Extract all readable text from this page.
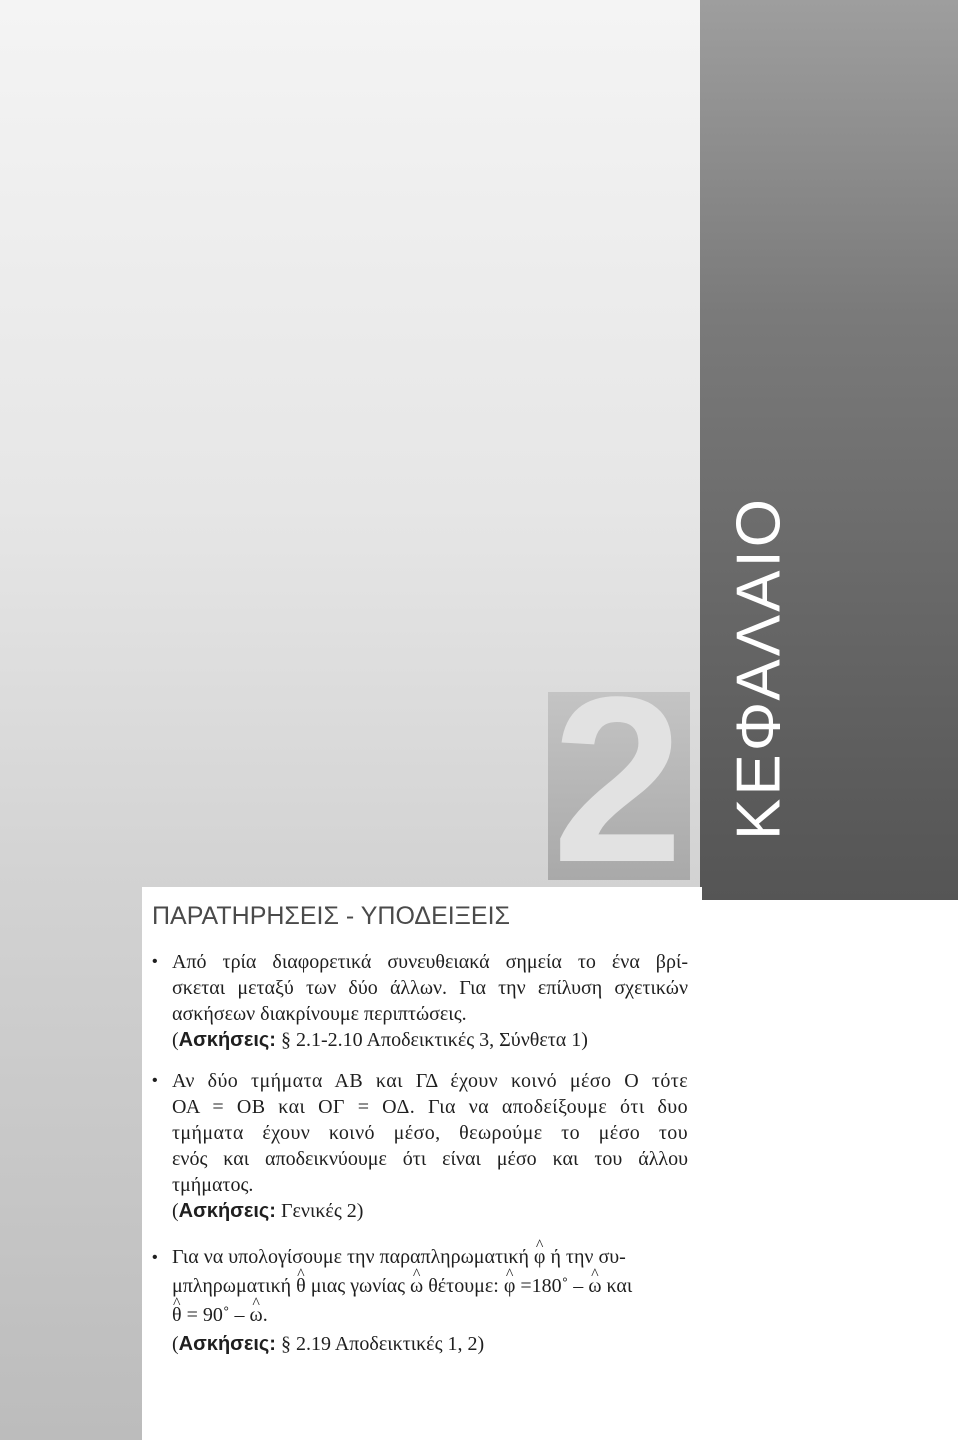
2 ΚΕΦΑΛΑΙΟ
ΠΑΡΑΤΗΡΗΣΕΙΣ - ΥΠΟΔΕΙΞΕΙΣ
• Από τρία διαφορετικά συνευθειακά σημεία το ένα βρί-
σκεται μεταξύ των δύο άλλων. Για την επίλυση σχετικών
ασκήσεων διακρίνουμε περιπτώσεις.
(Ασκήσεις: § 2.1-2.10 Αποδεικτικές 3, Σύνθετα 1)
• Αν δύο τμήματα ΑΒ και ΓΔ έχουν κοινό μέσο Ο τότε
ΟΑ = ΟΒ και ΟΓ = ΟΔ. Για να αποδείξουμε ότι δυο
τμήματα έχουν κοινό μέσο, θεωρούμε το μέσο του
ενός και αποδεικνύουμε ότι είναι μέσο και του άλλου
τμήματος.
(Ασκήσεις: Γενικές 2)
• Για να υπολογίσουμε την παραπληρωματική ^ φ ή την συ-
μπληρωματική ^ θ μιας γωνίας ^ ω θέτουμε: ^ φ =180˚ – ^ ω και
^ θ = 90˚ – ^ ω.
(Ασκήσεις: § 2.19 Αποδεικτικές 1, 2)
